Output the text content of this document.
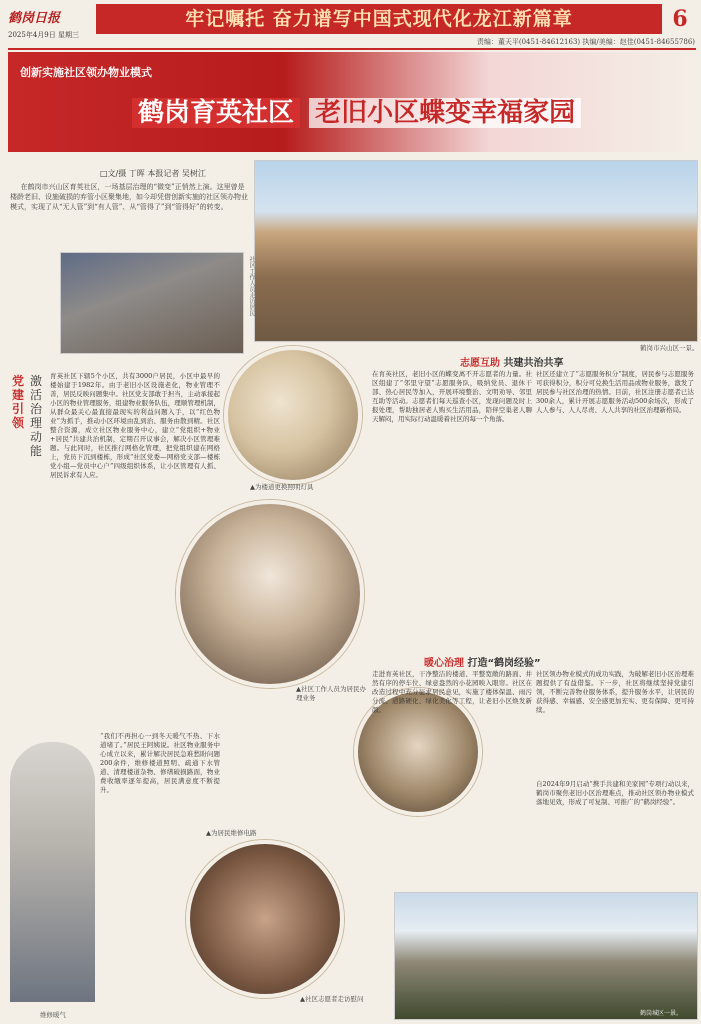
鹤岗日报
2025年4月9日 星期三
牢记嘱托 奋力谱写中国式现代化龙江新篇章	6
责编：董天平(0451-84612163) 执编/美编：赵佳(0451-84655786)
创新实施社区领办物业模式
鹤岗育英社区 老旧小区蝶变幸福家园
鹤岗市兴山区一景。
□文/摄 丁晖 本报记者 吴树江
在鹤岗市兴山区育英社区，一场基层治理的“微变”正悄然上演。这里曾是楼龄老旧、设施破损的弃管小区聚集地，如今却凭借创新实施的社区领办物业模式，实现了从“无人管”到“有人管”、从“管得了”到“管得好”的转变。
社区工作人员走访居民
党建引领
激活治理动能
育英社区下辖5个小区，共有3000户居民，小区中最早的楼始建于1982年。由于老旧小区设施老化，物业管理不善，居民反映问题集中。社区党支部敢于担当，主动承接起小区的物业管理服务，组建物业服务队伍，理顺管理机制，从群众最关心最直接最现实的利益问题入手，以“红色物业”为抓手，推动小区环境由乱到治、服务由散到精。社区整合资源，成立社区物业服务中心，建立“党组织+物业+居民”共建共治机制，定期召开议事会，解决小区管理难题。与此同时，社区推行网格化管理，把党组织建在网格上，党员下沉到楼栋，形成“社区党委—网格党支部—楼栋党小组—党员中心户”四级组织体系，让小区管理有人抓、居民诉求有人应。
“我们不再担心一到冬天暖气不热、下水道堵了。”居民王阿姨说。社区物业服务中心成立以来，累计解决居民急难愁盼问题200余件，维修楼道照明、疏通下水管道、清理楼道杂物、修缮破损路面，物业费收缴率逐年提高，居民满意度不断提升。
▲为楼道更换照明灯具
▲社区工作人员为居民办理业务
▲社区志愿者走访慰问
▲为居民维修电路
维修暖气
志愿互助 共建共治共享
在育英社区，老旧小区的蝶变离不开志愿者的力量。社区组建了“邻里守望”志愿服务队，吸纳党员、退休干部、热心居民等加入，开展环境整治、文明劝导、邻里互助等活动。志愿者们每天巡查小区，发现问题及时上报处理，帮助独居老人购买生活用品，陪伴空巢老人聊天解闷，用实际行动温暖着社区的每一个角落。
社区还建立了“志愿服务积分”制度，居民参与志愿服务可获得积分，积分可兑换生活用品或物业服务，激发了居民参与社区治理的热情。目前，社区注册志愿者已达300余人，累计开展志愿服务活动500余场次，形成了人人参与、人人尽责、人人共享的社区治理新格局。
暖心治理 打造“鹤岗经验”
走进育英社区，干净整洁的楼道、平整宽敞的路面、井然有序的停车位、绿意盎然的小花园映入眼帘。社区在改造过程中充分征求居民意见，实施了楼体保温、雨污分流、道路硬化、绿化美化等工程，让老旧小区焕发新颜。
社区领办物业模式的成功实践，为破解老旧小区治理难题提供了有益借鉴。下一步，社区将继续坚持党建引领，不断完善物业服务体系，提升服务水平，让居民的获得感、幸福感、安全感更加充实、更有保障、更可持续。
自2024年9月启动“携手共建和美家园”专项行动以来，鹤岗市聚焦老旧小区治理难点，推动社区领办物业模式落地见效，形成了可复制、可推广的“鹤岗经验”。
鹤岗城区一景。
